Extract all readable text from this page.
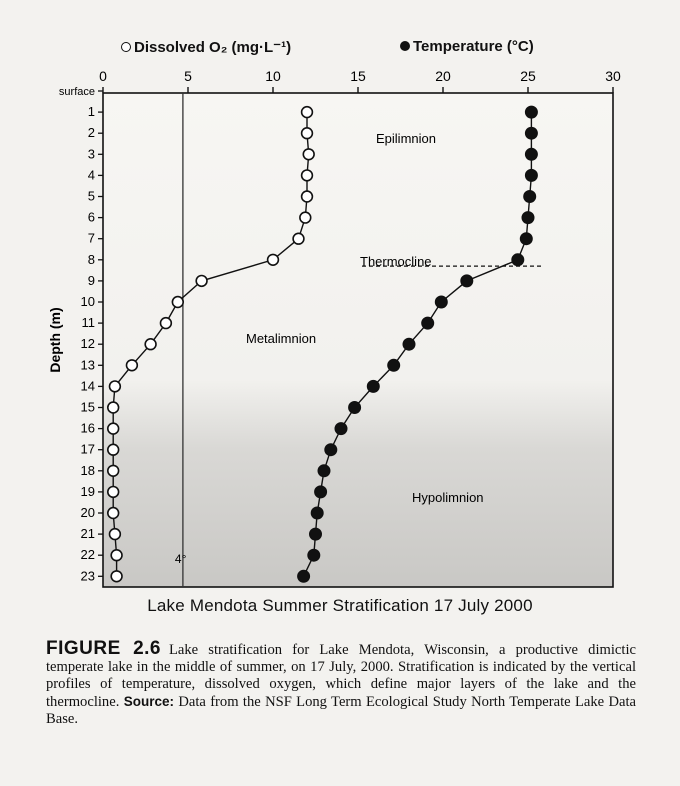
0	5	10	15	20	25	30
surface
1
2
3
4
5
6
7
8
9
10
11
12
13
14
15
16
17
18
19
20
21
22
23
Epilimnion
Thermocline
Metalimnion
Hypolimnion
4°
Depth (m)
Dissolved O₂ (mg·L⁻¹)	Temperature (°C)
Lake Mendota Summer Stratification 17 July 2000
FIGURE 2.6 Lake stratification for Lake Mendota, Wisconsin, a productive dimictic temperate lake in the middle of summer, on 17 July, 2000. Stratification is indicated by the vertical profiles of temperature, dissolved oxygen, which define major layers of the lake and the thermocline. Source: Data from the NSF Long Term Ecological Study North Temperate Lake Data Base.
